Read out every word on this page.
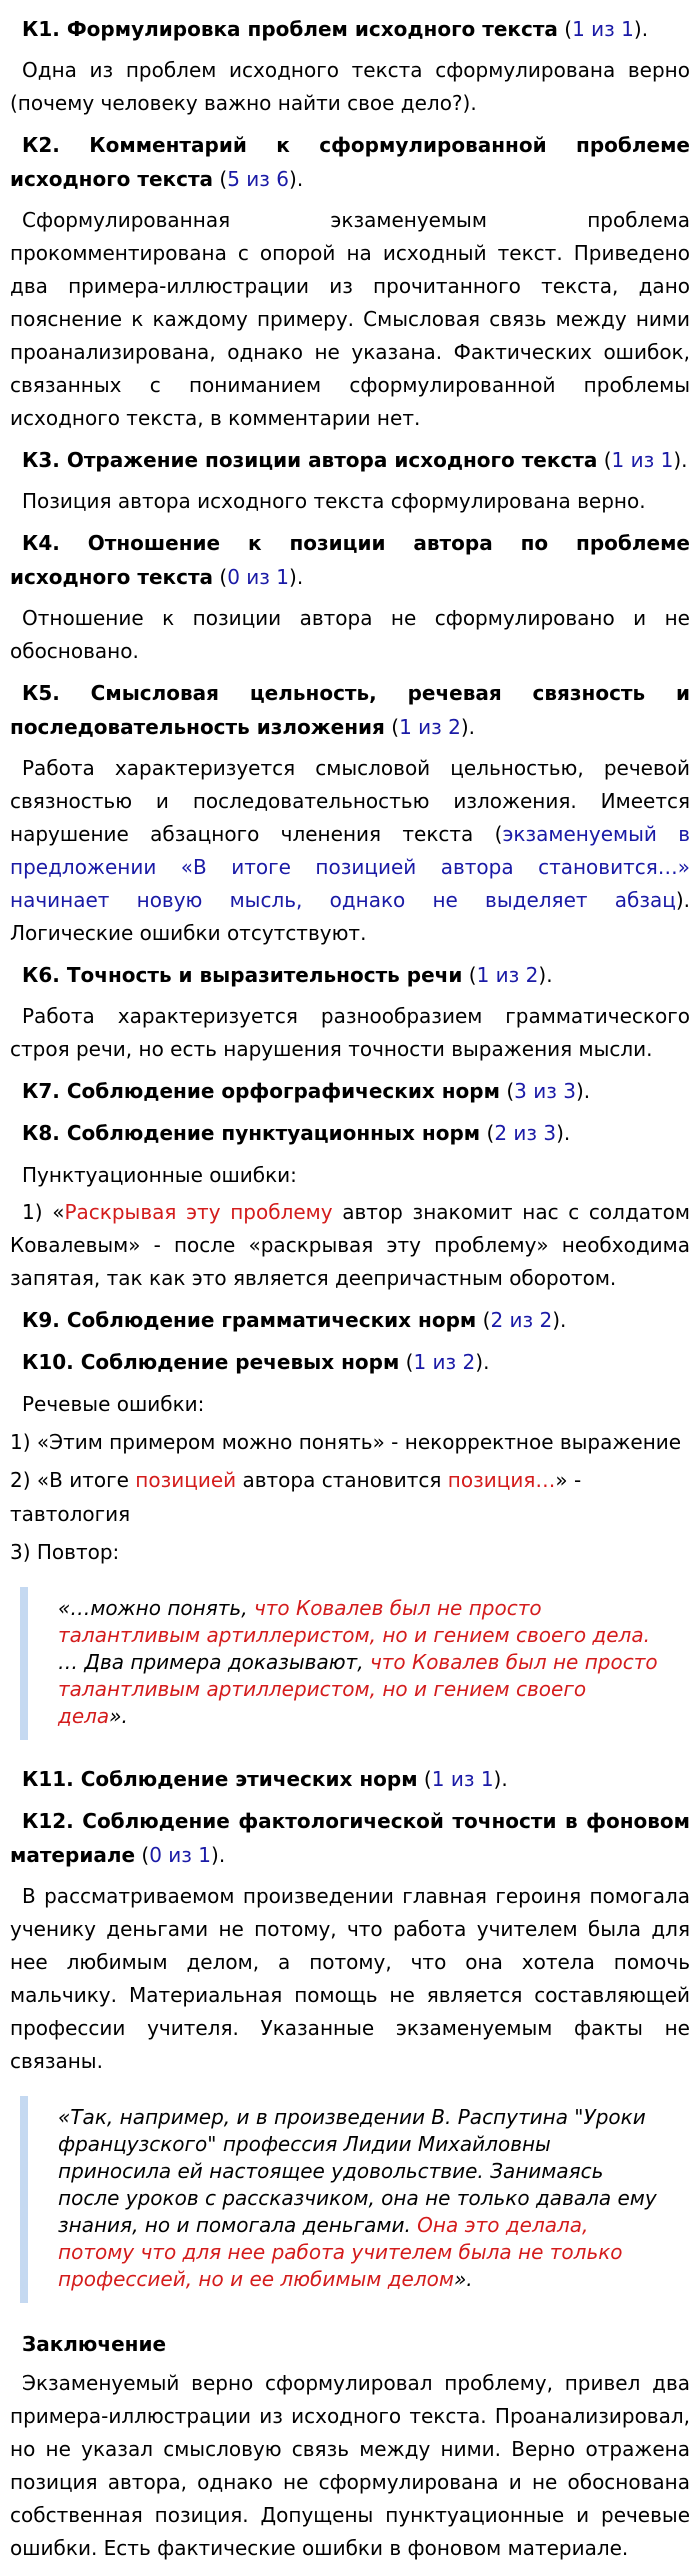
К1. Формулировка проблем исходного текста (1 из 1).
Одна из проблем исходного текста сформулирована верно (почему человеку важно найти свое дело?).
К2. Комментарий к сформулированной проблеме исходного текста (5 из 6).
Сформулированная экзаменуемым проблема прокомментирована с опорой на исходный текст. Приведено два примера-иллюстрации из прочитанного текста, дано пояснение к каждому примеру. Смысловая связь между ними проанализирована, однако не указана. Фактических ошибок, связанных с пониманием сформулированной проблемы исходного текста, в комментарии нет.
К3. Отражение позиции автора исходного текста (1 из 1).
Позиция автора исходного текста сформулирована верно.
К4. Отношение к позиции автора по проблеме исходного текста (0 из 1).
Отношение к позиции автора не сформулировано и не обосновано.
К5. Смысловая цельность, речевая связность и последовательность изложения (1 из 2).
Работа характеризуется смысловой цельностью, речевой связностью и последовательностью изложения. Имеется нарушение абзацного членения текста (экзаменуемый в предложении «В итоге позицией автора становится…» начинает новую мысль, однако не выделяет абзац). Логические ошибки отсутствуют.
К6. Точность и выразительность речи (1 из 2).
Работа характеризуется разнообразием грамматического строя речи, но есть нарушения точности выражения мысли.
К7. Соблюдение орфографических норм (3 из 3).
К8. Соблюдение пунктуационных норм (2 из 3).
Пунктуационные ошибки:
1) «Раскрывая эту проблему автор знакомит нас с солдатом Ковалевым» - после «раскрывая эту проблему» необходима запятая, так как это является деепричастным оборотом.
К9. Соблюдение грамматических норм (2 из 2).
К10. Соблюдение речевых норм (1 из 2).
Речевые ошибки:
1) «Этим примером можно понять» - некорректное выражение
2) «В итоге позицией автора становится позиция…» - тавтология
3) Повтор:
«…можно понять, что Ковалев был не просто талантливым артиллеристом, но и гением своего дела. … Два примера доказывают, что Ковалев был не просто талантливым артиллеристом, но и гением своего дела».
К11. Соблюдение этических норм (1 из 1).
К12. Соблюдение фактологической точности в фоновом материале (0 из 1).
В рассматриваемом произведении главная героиня помогала ученику деньгами не потому, что работа учителем была для нее любимым делом, а потому, что она хотела помочь мальчику. Материальная помощь не является составляющей профессии учителя. Указанные экзаменуемым факты не связаны.
«Так, например, и в произведении В. Распутина "Уроки французского" профессия Лидии Михайловны приносила ей настоящее удовольствие. Занимаясь после уроков с рассказчиком, она не только давала ему знания, но и помогала деньгами. Она это делала, потому что для нее работа учителем была не только профессией, но и ее любимым делом».
Заключение
Экзаменуемый верно сформулировал проблему, привел два примера-иллюстрации из исходного текста. Проанализировал, но не указал смысловую связь между ними. Верно отражена позиция автора, однако не сформулирована и не обоснована собственная позиция. Допущены пунктуационные и речевые ошибки. Есть фактические ошибки в фоновом материале.
